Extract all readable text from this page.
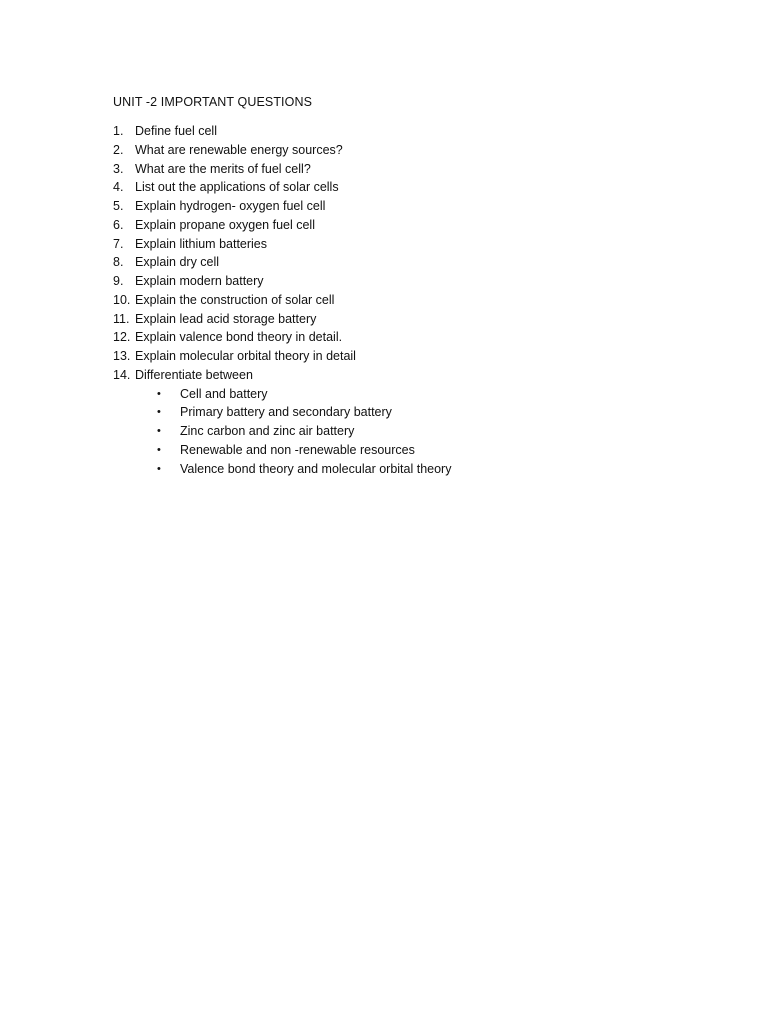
UNIT -2 IMPORTANT QUESTIONS
1. Define fuel cell
2. What are renewable energy sources?
3. What are the merits of fuel cell?
4. List out the applications of solar cells
5. Explain hydrogen- oxygen fuel cell
6. Explain propane oxygen fuel cell
7. Explain lithium batteries
8. Explain dry cell
9. Explain modern battery
10. Explain the construction of solar cell
11. Explain lead acid storage battery
12. Explain valence bond theory in detail.
13. Explain molecular orbital theory in detail
14. Differentiate between
• Cell and battery
• Primary battery and secondary battery
• Zinc carbon and zinc air battery
• Renewable and non -renewable resources
• Valence bond theory and molecular orbital theory
